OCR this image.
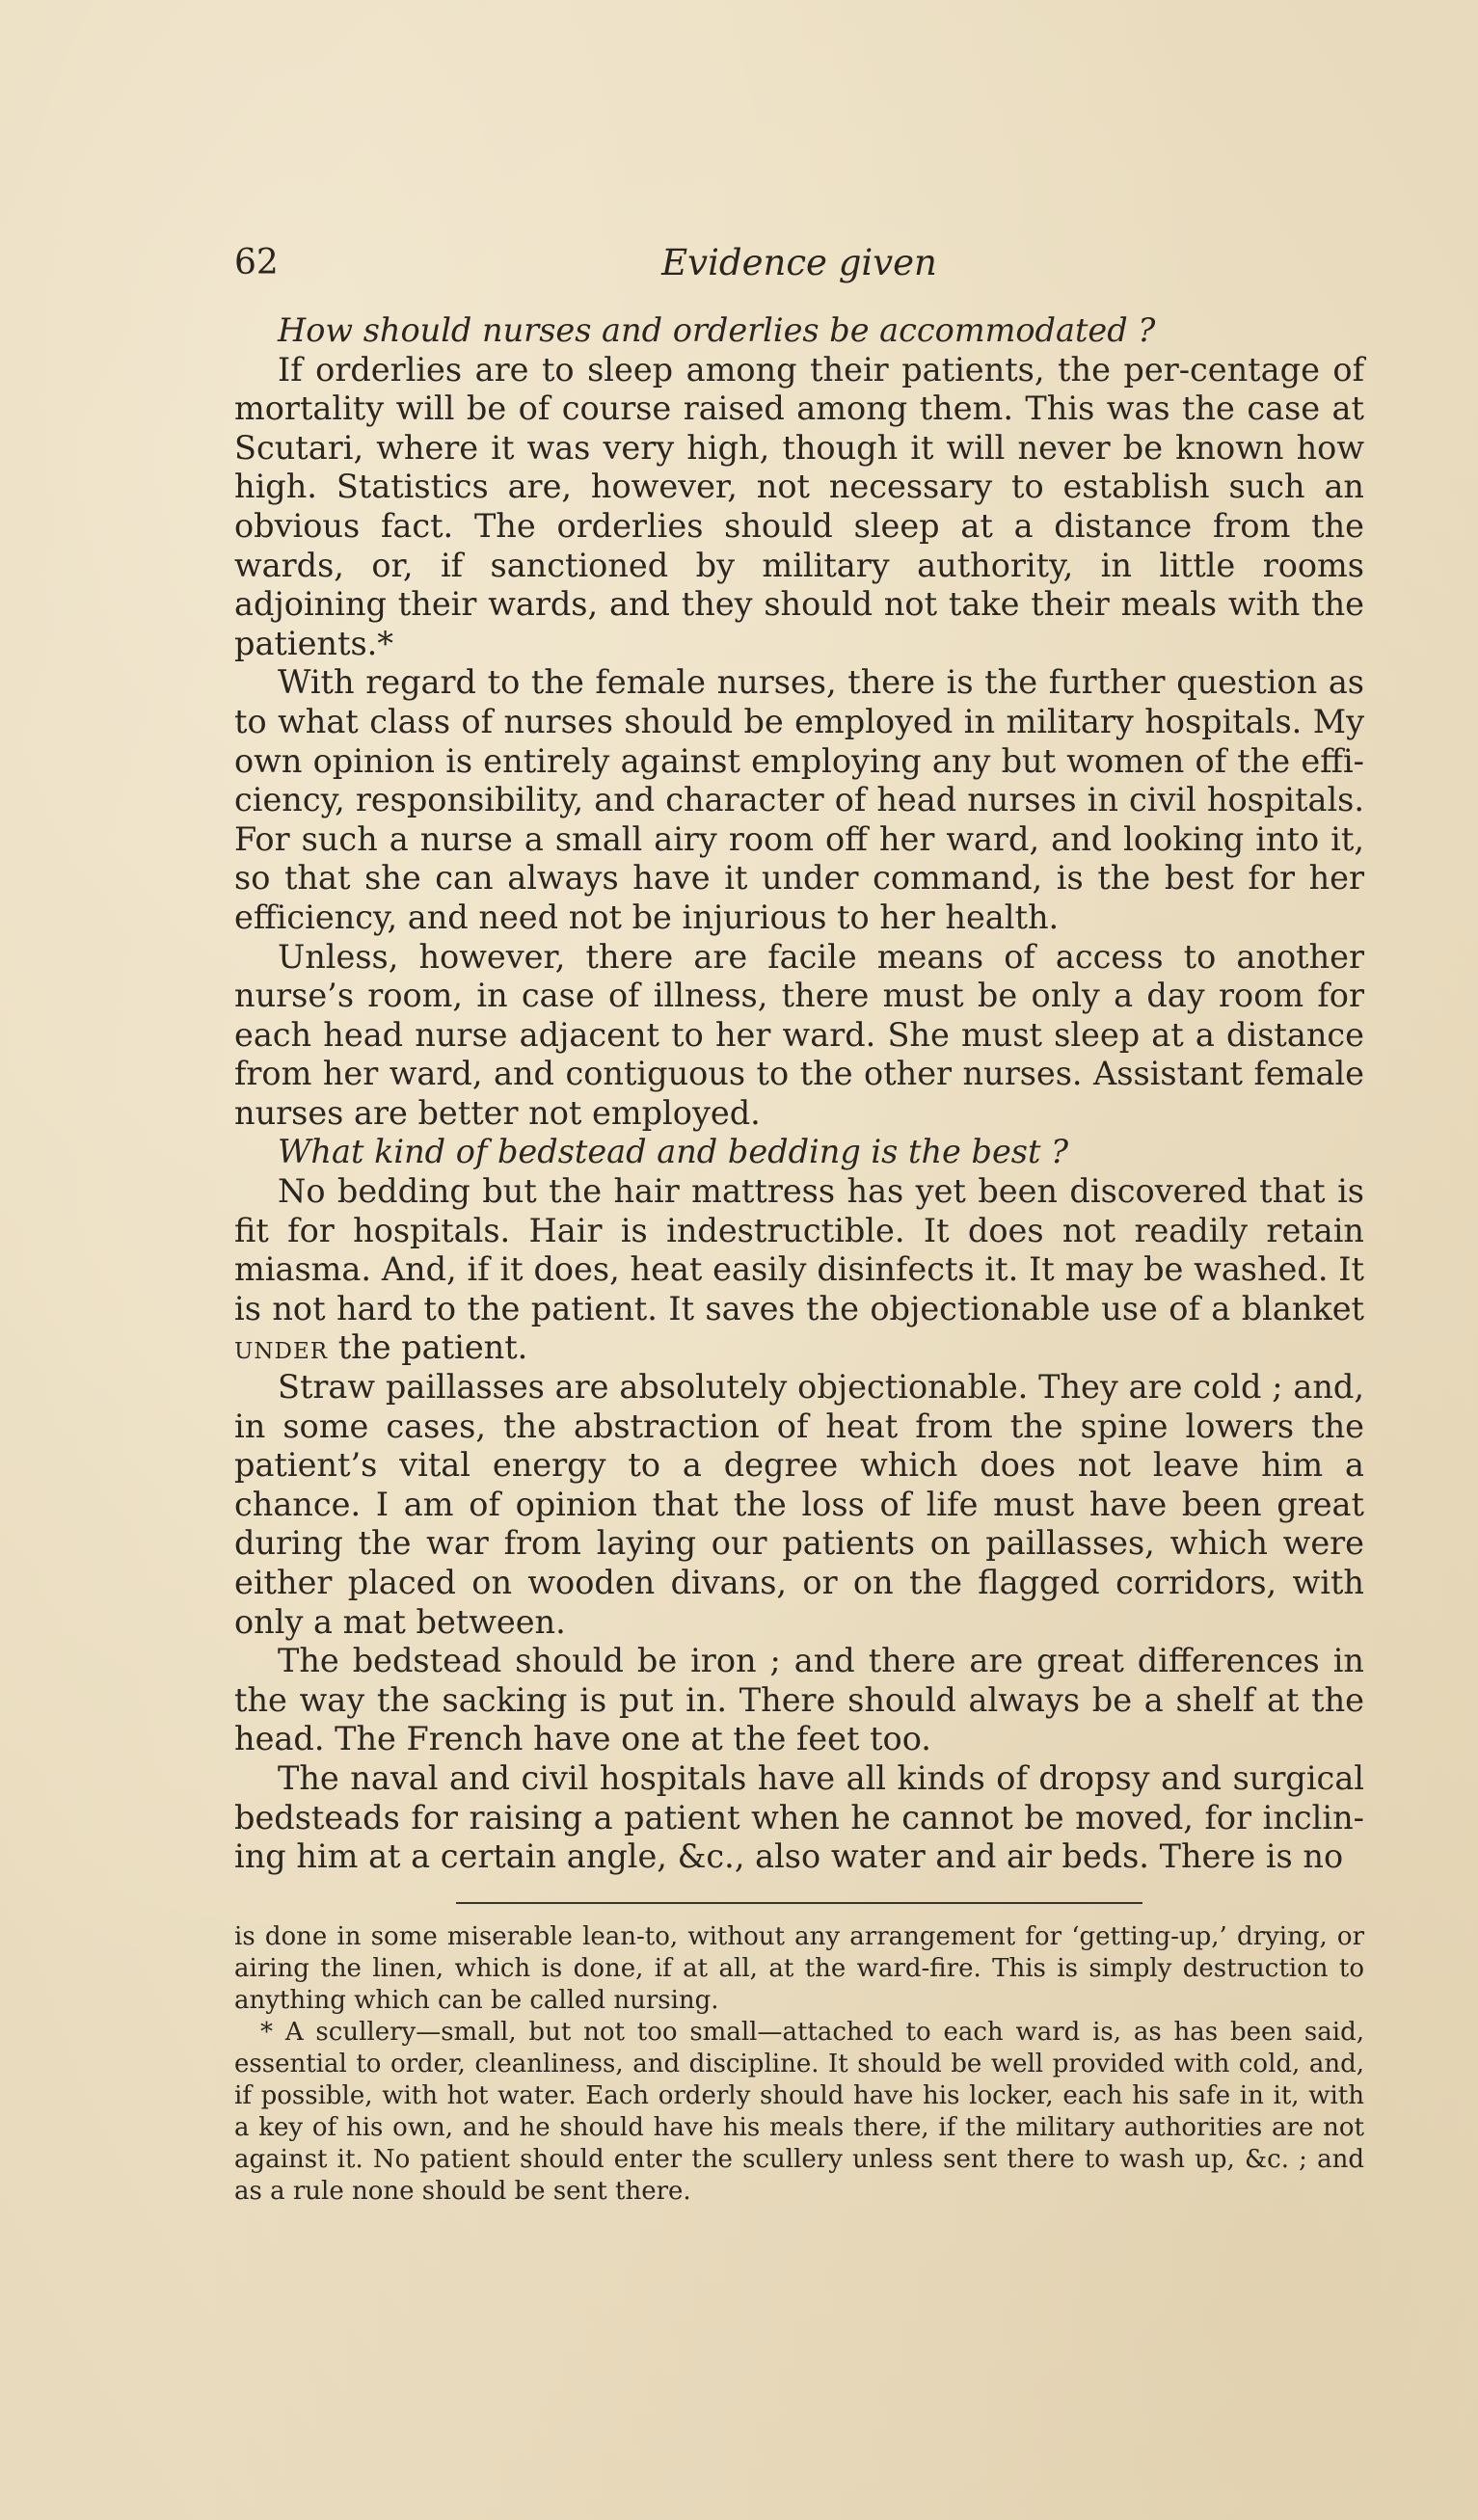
62	Evidence given

How should nurses and orderlies be accommodated ?

If orderlies are to sleep among their patients, the per-centage of mortality will be of course raised among them. This was the case at Scutari, where it was very high, though it will never be known how high. Statistics are, however, not necessary to establish such an obvious fact. The orderlies should sleep at a distance from the wards, or, if sanctioned by military authority, in little rooms adjoining their wards, and they should not take their meals with the patients.*

With regard to the female nurses, there is the further question as to what class of nurses should be employed in military hospitals. My own opinion is entirely against employing any but women of the efficiency, responsibility, and character of head nurses in civil hospitals. For such a nurse a small airy room off her ward, and looking into it, so that she can always have it under command, is the best for her efficiency, and need not be injurious to her health.

Unless, however, there are facile means of access to another nurse’s room, in case of illness, there must be only a day room for each head nurse adjacent to her ward. She must sleep at a distance from her ward, and contiguous to the other nurses. Assistant female nurses are better not employed.

What kind of bedstead and bedding is the best ?

No bedding but the hair mattress has yet been discovered that is fit for hospitals. Hair is indestructible. It does not readily retain miasma. And, if it does, heat easily disinfects it. It may be washed. It is not hard to the patient. It saves the objectionable use of a blanket under the patient.

Straw paillasses are absolutely objectionable. They are cold ; and, in some cases, the abstraction of heat from the spine lowers the patient’s vital energy to a degree which does not leave him a chance. I am of opinion that the loss of life must have been great during the war from laying our patients on paillasses, which were either placed on wooden divans, or on the flagged corridors, with only a mat between.

The bedstead should be iron ; and there are great differences in the way the sacking is put in. There should always be a shelf at the head. The French have one at the feet too.

The naval and civil hospitals have all kinds of dropsy and surgical bedsteads for raising a patient when he cannot be moved, for inclining him at a certain angle, &c., also water and air beds. There is no

is done in some miserable lean-to, without any arrangement for ‘getting-up,’ drying, or airing the linen, which is done, if at all, at the ward-fire. This is simply destruction to anything which can be called nursing.

* A scullery—small, but not too small—attached to each ward is, as has been said, essential to order, cleanliness, and discipline. It should be well provided with cold, and, if possible, with hot water. Each orderly should have his locker, each his safe in it, with a key of his own, and he should have his meals there, if the military authorities are not against it. No patient should enter the scullery unless sent there to wash up, &c. ; and as a rule none should be sent there.
